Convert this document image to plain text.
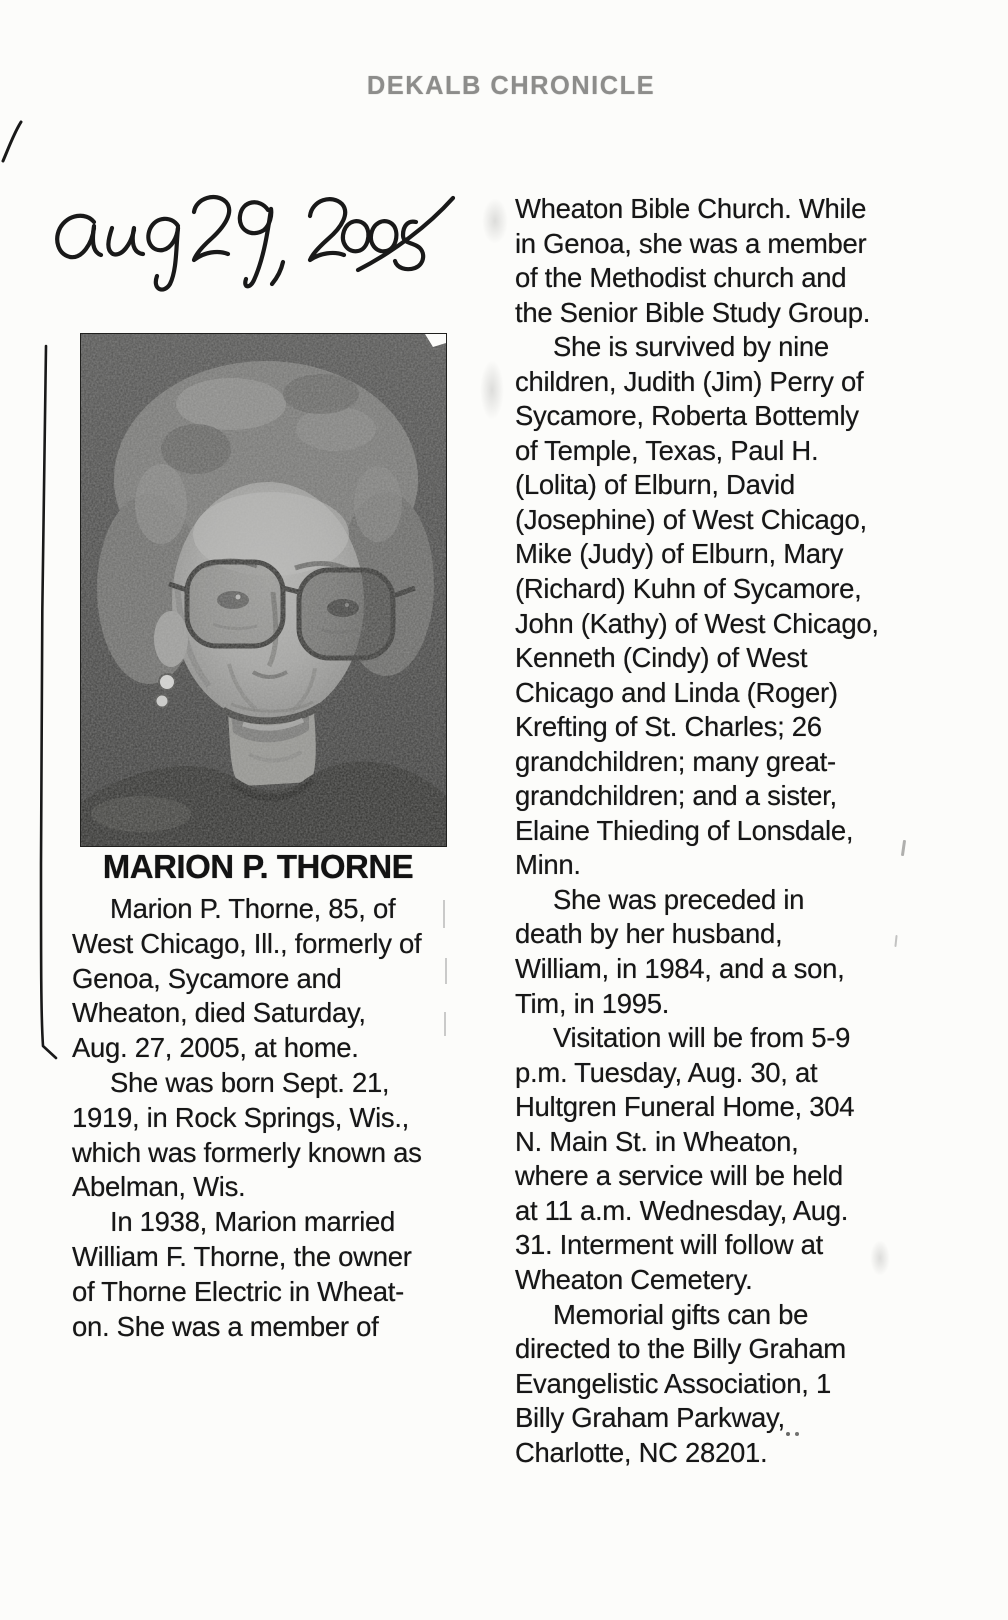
DEKALB CHRONICLE
MARION P. THORNE

Marion P. Thorne, 85, of

West Chicago, Ill., formerly of

Genoa, Sycamore and

Wheaton, died Saturday,

Aug. 27, 2005, at home.

She was born Sept. 21,

1919, in Rock Springs, Wis.,

which was formerly known as

Abelman, Wis.

In 1938, Marion married

William F. Thorne, the owner

of Thorne Electric in Wheat-

on. She was a member of

Wheaton Bible Church. While

in Genoa, she was a member

of the Methodist church and

the Senior Bible Study Group.

She is survived by nine

children, Judith (Jim) Perry of

Sycamore, Roberta Bottemly

of Temple, Texas, Paul H.

(Lolita) of Elburn, David

(Josephine) of West Chicago,

Mike (Judy) of Elburn, Mary

(Richard) Kuhn of Sycamore,

John (Kathy) of West Chicago,

Kenneth (Cindy) of West

Chicago and Linda (Roger)

Krefting of St. Charles; 26

grandchildren; many great-

grandchildren; and a sister,

Elaine Thieding of Lonsdale,

Minn.

She was preceded in

death by her husband,

William, in 1984, and a son,

Tim, in 1995.

Visitation will be from 5-9

p.m. Tuesday, Aug. 30, at

Hultgren Funeral Home, 304

N. Main St. in Wheaton,

where a service will be held

at 11 a.m. Wednesday, Aug.

31. Interment will follow at

Wheaton Cemetery.

Memorial gifts can be

directed to the Billy Graham

Evangelistic Association, 1

Billy Graham Parkway,

Charlotte, NC 28201.
